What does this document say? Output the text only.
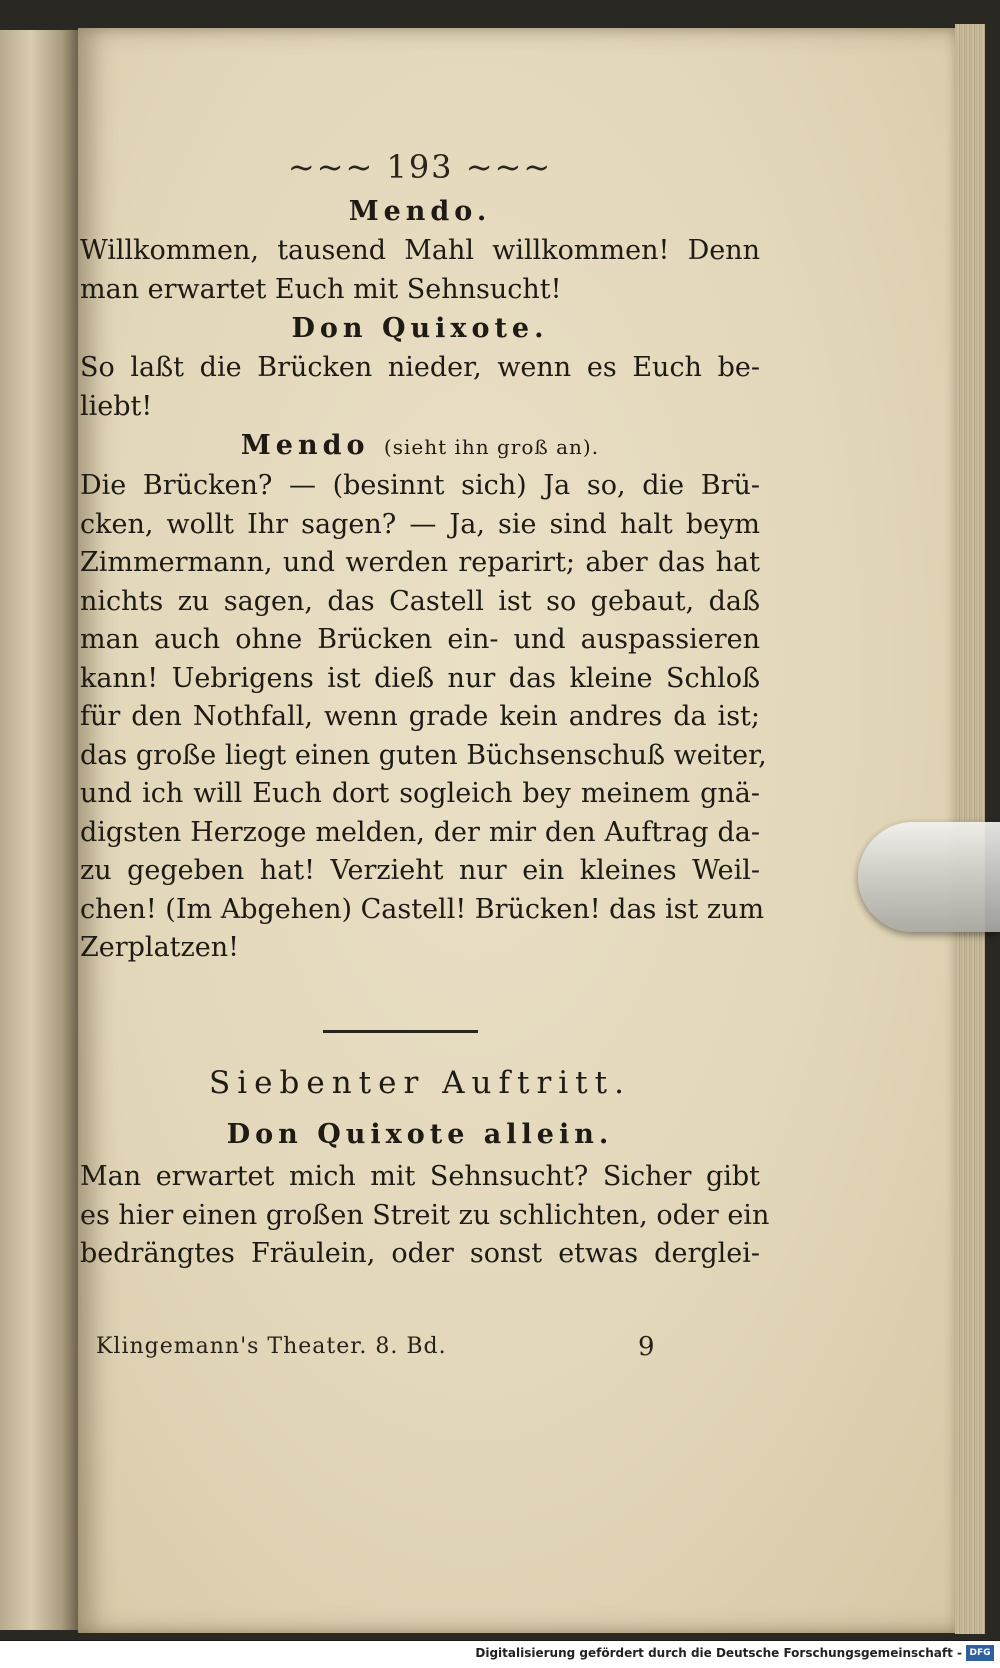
~~~ 193 ~~~

Mendo.

Willkommen, tausend Mahl willkommen! Denn

man erwartet Euch mit Sehnsucht!

Don Quixote.

So laßt die Brücken nieder, wenn es Euch be-

liebt!

Mendo (sieht ihn groß an).

Die Brücken? — (besinnt sich) Ja so, die Brü-

cken, wollt Ihr sagen? — Ja, sie sind halt beym

Zimmermann, und werden reparirt; aber das hat

nichts zu sagen, das Castell ist so gebaut, daß

man auch ohne Brücken ein- und auspassieren

kann! Uebrigens ist dieß nur das kleine Schloß

für den Nothfall, wenn grade kein andres da ist;

das große liegt einen guten Büchsenschuß weiter,

und ich will Euch dort sogleich bey meinem gnä-

digsten Herzoge melden, der mir den Auftrag da-

zu gegeben hat! Verzieht nur ein kleines Weil-

chen! (Im Abgehen) Castell! Brücken! das ist zum

Zerplatzen!

Siebenter Auftritt.

Don Quixote allein.

Man erwartet mich mit Sehnsucht? Sicher gibt

es hier einen großen Streit zu schlichten, oder ein

bedrängtes Fräulein, oder sonst etwas derglei-

Klingemann's Theater. 8. Bd.	9
Digitalisierung gefördert durch die Deutsche Forschungsgemeinschaft - DFG
